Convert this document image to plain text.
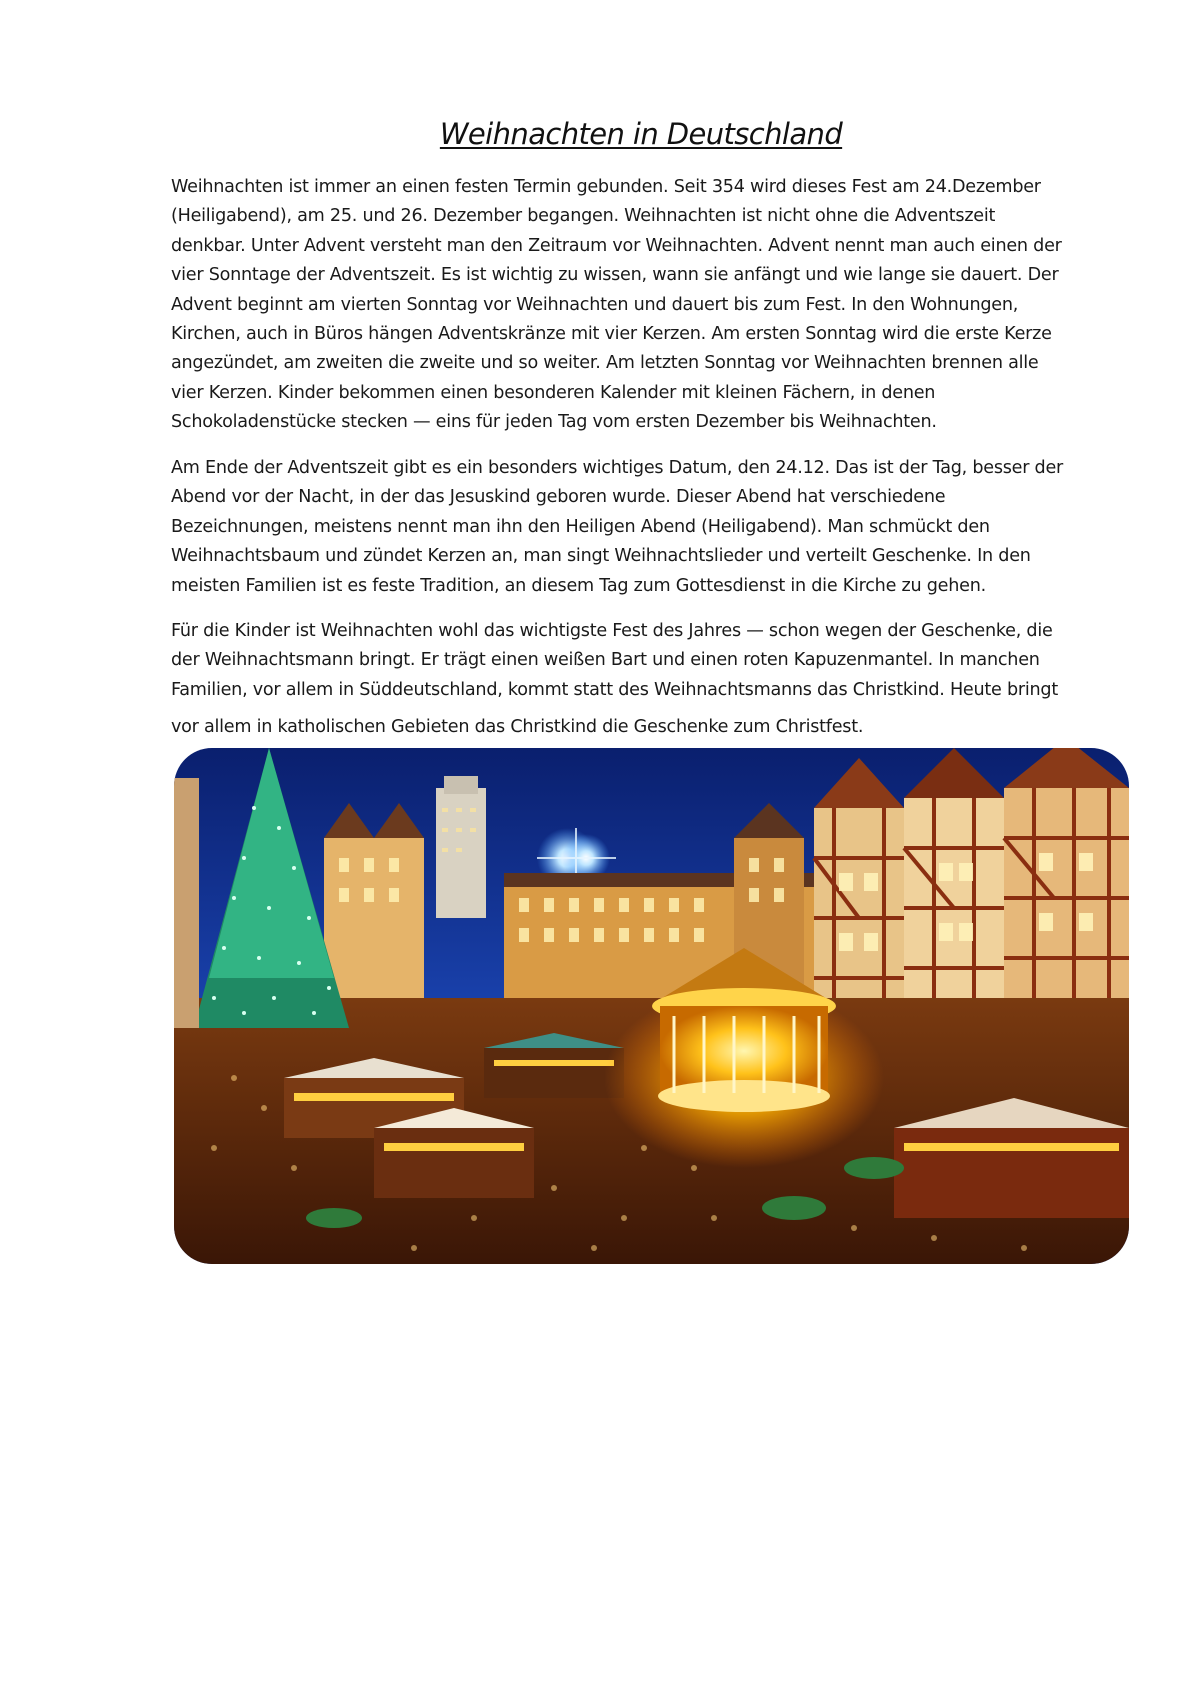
Weihnachten in Deutschland
Weihnachten ist immer an einen festen Termin gebunden. Seit 354 wird dieses Fest am 24.Dezember
(Heiligabend), am 25. und 26. Dezember begangen. Weihnachten ist nicht ohne die Adventszeit
denkbar. Unter Advent versteht man den Zeitraum vor Weihnachten. Advent nennt man auch einen der
vier Sonntage der Adventszeit. Es ist wichtig zu wissen, wann sie anfängt und wie lange sie dauert. Der
Advent beginnt am vierten Sonntag vor Weihnachten und dauert bis zum Fest. In den Wohnungen,
Kirchen, auch in Büros hängen Adventskränze mit vier Kerzen. Am ersten Sonntag wird die erste Kerze
angezündet, am zweiten die zweite und so weiter. Am letzten Sonntag vor Weihnachten brennen alle
vier Kerzen. Kinder bekommen einen besonderen Kalender mit kleinen Fächern, in denen
Schokoladenstücke stecken — eins für jeden Tag vom ersten Dezember bis Weihnachten.
Am Ende der Adventszeit gibt es ein besonders wichtiges Datum, den 24.12. Das ist der Tag, besser der
Abend vor der Nacht, in der das Jesuskind geboren wurde. Dieser Abend hat verschiedene
Bezeichnungen, meistens nennt man ihn den Heiligen Abend (Heiligabend). Man schmückt den
Weihnachtsbaum und zündet Kerzen an, man singt Weihnachtslieder und verteilt Geschenke. In den
meisten Familien ist es feste Tradition, an diesem Tag zum Gottesdienst in die Kirche zu gehen.
Für die Kinder ist Weihnachten wohl das wichtigste Fest des Jahres — schon wegen der Geschenke, die
der Weihnachtsmann bringt. Er trägt einen weißen Bart und einen roten Kapuzenmantel. In manchen
Familien, vor allem in Süddeutschland, kommt statt des Weihnachtsmanns das Christkind. Heute bringt
vor allem in katholischen Gebieten das Christkind die Geschenke zum Christfest.
